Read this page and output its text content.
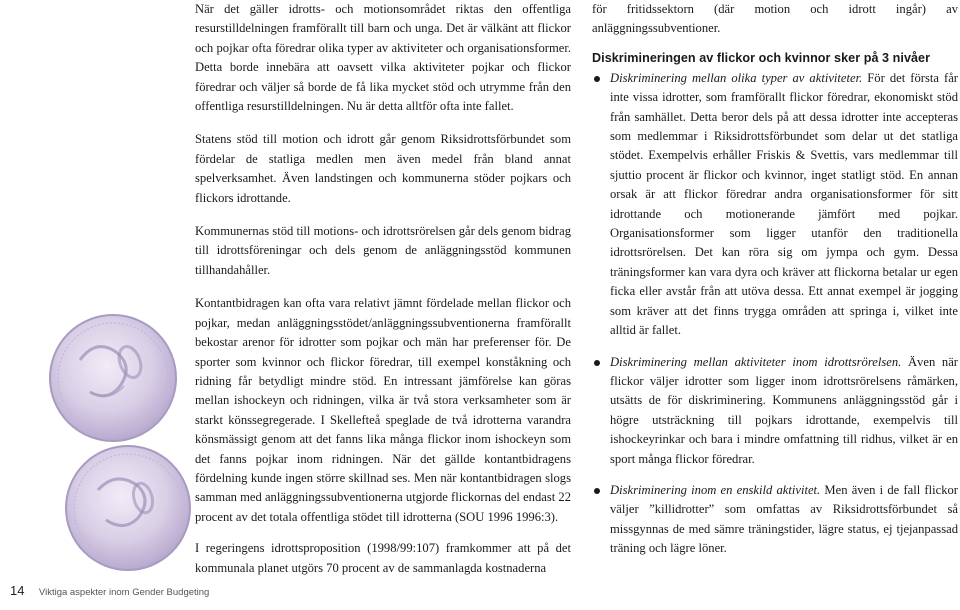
När det gäller idrotts- och motionsområdet riktas den offentliga resurstilldelningen framförallt till barn och unga. Det är välkänt att flickor och pojkar ofta föredrar olika typer av aktiviteter och organisationsformer. Detta borde innebära att oavsett vilka aktiviteter pojkar och flickor föredrar och väljer så borde de få lika mycket stöd och utrymme från den offentliga resurstilldelningen. Nu är detta alltför ofta inte fallet.

Statens stöd till motion och idrott går genom Riksidrottsförbundet som fördelar de statliga medlen men även medel från bland annat spelverksamhet. Även landstingen och kommunerna stöder pojkars och flickors idrottande.

Kommunernas stöd till motions- och idrottsrörelsen går dels genom bidrag till idrottsföreningar och dels genom de anläggningsstöd kommunen tillhandahåller.

Kontantbidragen kan ofta vara relativt jämnt fördelade mellan flickor och pojkar, medan anläggningsstödet/anläggningssubventionerna framförallt bekostar arenor för idrotter som pojkar och män har preferenser för. De sporter som kvinnor och flickor föredrar, till exempel konståkning och ridning får betydligt mindre stöd. En intressant jämförelse kan göras mellan ishockeyn och ridningen, vilka är två stora verksamheter som är starkt könssegregerade. I Skellefteå speglade de två idrotterna varandra könsmässigt genom att det fanns lika många flickor inom ishockeyn som det fanns pojkar inom ridningen. När det gällde kontantbidragens fördelning kunde ingen större skillnad ses. Men när kontantbidragen slogs samman med anläggningssubventionerna utgjorde flickornas del endast 22 procent av det totala offentliga stödet till idrotterna (SOU 1996 1996:3).

I regeringens idrottsproposition (1998/99:107) framkommer att på det kommunala planet utgörs 70 procent av de sammanlagda kostnaderna

för fritidssektorn (där motion och idrott ingår) av anläggningssubventioner.

Diskrimineringen av flickor och kvinnor sker på 3 nivåer

Diskriminering mellan olika typer av aktiviteter. För det första får inte vissa idrotter, som framförallt flickor föredrar, ekonomiskt stöd från samhället. Detta beror dels på att dessa idrotter inte accepteras som medlemmar i Riksidrottsförbundet som delar ut det statliga stödet. Exempelvis erhåller Friskis & Svettis, vars medlemmar till sjuttio procent är flickor och kvinnor, inget statligt stöd. En annan orsak är att flickor föredrar andra organisationsformer för sitt idrottande och motionerande jämfört med pojkar. Organisationsformer som ligger utanför den traditionella idrottsrörelsen. Det kan röra sig om jympa och gym. Dessa träningsformer kan vara dyra och kräver att flickorna betalar ur egen ficka eller avstår från att utöva dessa. Ett annat exempel är jogging som kräver att det finns trygga områden att springa i, vilket inte alltid är fallet.

Diskriminering mellan aktiviteter inom idrottsrörelsen. Även när flickor väljer idrotter som ligger inom idrottsrörelsens råmärken, utsätts de för diskriminering. Kommunens anläggningsstöd går i högre utsträckning till pojkars idrottande, exempelvis till ishockeyrinkar och bara i mindre omfattning till ridhus, vilket är en sport många flickor föredrar.

Diskriminering inom en enskild aktivitet. Men även i de fall flickor väljer ”killidrotter” som omfattas av Riksidrottsförbundet så missgynnas de med sämre träningstider, lägre status, ej tjejanpassad träning och lägre löner.

14 Viktiga aspekter inom Gender Budgeting
